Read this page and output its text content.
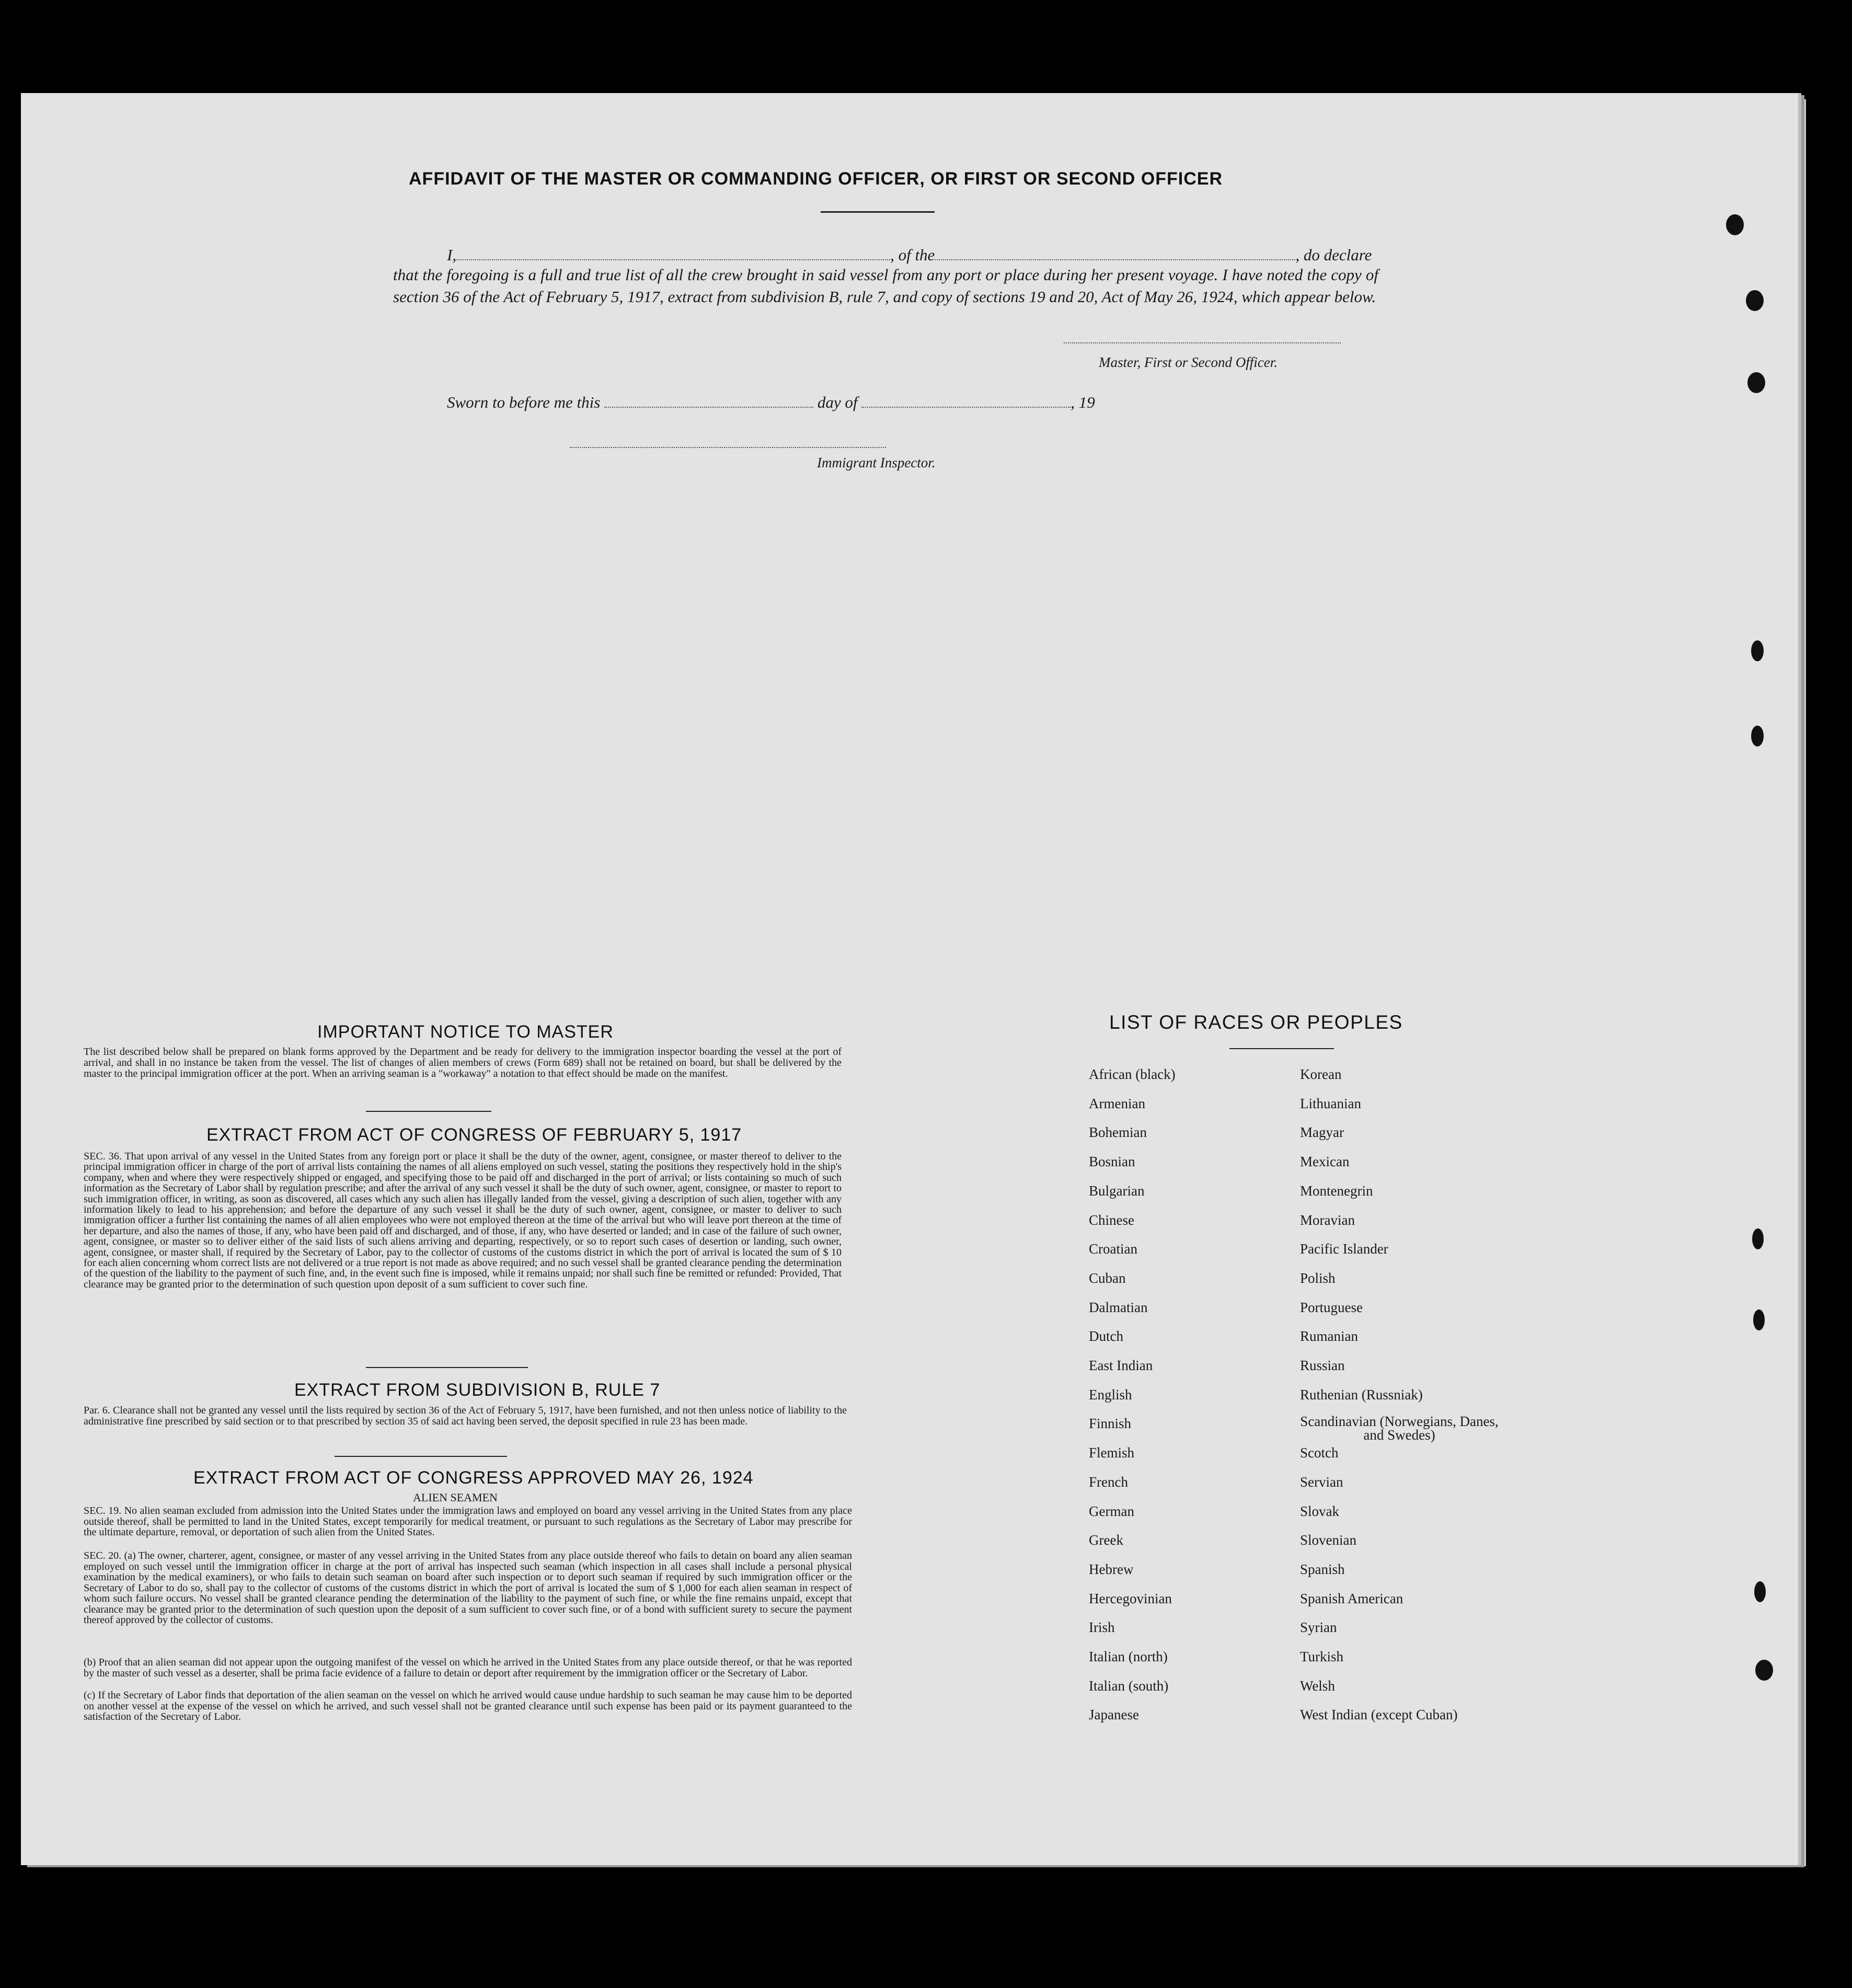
AFFIDAVIT OF THE MASTER OR COMMANDING OFFICER, OR FIRST OR SECOND OFFICER
I,	, of the	, do declare
that the foregoing is a full and true list of all the crew brought in said vessel from any port or place during her present voyage. I have noted the copy of section 36 of the Act of February 5, 1917, extract from subdivision B, rule 7, and copy of sections 19 and 20, Act of May 26, 1924, which appear below.
Master, First or Second Officer.
Sworn to before me this	day of	, 19
Immigrant Inspector.
IMPORTANT NOTICE TO MASTER
The list described below shall be prepared on blank forms approved by the Department and be ready for delivery to the immigration inspector boarding the vessel at the port of arrival, and shall in no instance be taken from the vessel. The list of changes of alien members of crews (Form 689) shall not be retained on board, but shall be delivered by the master to the principal immigration officer at the port. When an arriving seaman is a "workaway" a notation to that effect should be made on the manifest.
EXTRACT FROM ACT OF CONGRESS OF FEBRUARY 5, 1917
SEC. 36. That upon arrival of any vessel in the United States from any foreign port or place it shall be the duty of the owner, agent, consignee, or master thereof to deliver to the principal immigration officer in charge of the port of arrival lists containing the names of all aliens employed on such vessel, stating the positions they respectively hold in the ship's company, when and where they were respectively shipped or engaged, and specifying those to be paid off and discharged in the port of arrival; or lists containing so much of such information as the Secretary of Labor shall by regulation prescribe; and after the arrival of any such vessel it shall be the duty of such owner, agent, consignee, or master to report to such immigration officer, in writing, as soon as discovered, all cases which any such alien has illegally landed from the vessel, giving a description of such alien, together with any information likely to lead to his apprehension; and before the departure of any such vessel it shall be the duty of such owner, agent, consignee, or master to deliver to such immigration officer a further list containing the names of all alien employees who were not employed thereon at the time of the arrival but who will leave port thereon at the time of her departure, and also the names of those, if any, who have been paid off and discharged, and of those, if any, who have deserted or landed; and in case of the failure of such owner, agent, consignee, or master so to deliver either of the said lists of such aliens arriving and departing, respectively, or so to report such cases of desertion or landing, such owner, agent, consignee, or master shall, if required by the Secretary of Labor, pay to the collector of customs of the customs district in which the port of arrival is located the sum of $ 10 for each alien concerning whom correct lists are not delivered or a true report is not made as above required; and no such vessel shall be granted clearance pending the determination of the question of the liability to the payment of such fine, and, in the event such fine is imposed, while it remains unpaid; nor shall such fine be remitted or refunded: Provided, That clearance may be granted prior to the determination of such question upon deposit of a sum sufficient to cover such fine.
EXTRACT FROM SUBDIVISION B, RULE 7
Par. 6. Clearance shall not be granted any vessel until the lists required by section 36 of the Act of February 5, 1917, have been furnished, and not then unless notice of liability to the administrative fine prescribed by said section or to that prescribed by section 35 of said act having been served, the deposit specified in rule 23 has been made.
EXTRACT FROM ACT OF CONGRESS APPROVED MAY 26, 1924
ALIEN SEAMEN
SEC. 19. No alien seaman excluded from admission into the United States under the immigration laws and employed on board any vessel arriving in the United States from any place outside thereof, shall be permitted to land in the United States, except temporarily for medical treatment, or pursuant to such regulations as the Secretary of Labor may prescribe for the ultimate departure, removal, or deportation of such alien from the United States.
SEC. 20. (a) The owner, charterer, agent, consignee, or master of any vessel arriving in the United States from any place outside thereof who fails to detain on board any alien seaman employed on such vessel until the immigration officer in charge at the port of arrival has inspected such seaman (which inspection in all cases shall include a personal physical examination by the medical examiners), or who fails to detain such seaman on board after such inspection or to deport such seaman if required by such immigration officer or the Secretary of Labor to do so, shall pay to the collector of customs of the customs district in which the port of arrival is located the sum of $ 1,000 for each alien seaman in respect of whom such failure occurs. No vessel shall be granted clearance pending the determination of the liability to the payment of such fine, or while the fine remains unpaid, except that clearance may be granted prior to the determination of such question upon the deposit of a sum sufficient to cover such fine, or of a bond with sufficient surety to secure the payment thereof approved by the collector of customs.
(b) Proof that an alien seaman did not appear upon the outgoing manifest of the vessel on which he arrived in the United States from any place outside thereof, or that he was reported by the master of such vessel as a deserter, shall be prima facie evidence of a failure to detain or deport after requirement by the immigration officer or the Secretary of Labor.
(c) If the Secretary of Labor finds that deportation of the alien seaman on the vessel on which he arrived would cause undue hardship to such seaman he may cause him to be deported on another vessel at the expense of the vessel on which he arrived, and such vessel shall not be granted clearance until such expense has been paid or its payment guaranteed to the satisfaction of the Secretary of Labor.
LIST OF RACES OR PEOPLES
African (black)
Armenian
Bohemian
Bosnian
Bulgarian
Chinese
Croatian
Cuban
Dalmatian
Dutch
East Indian
English
Finnish
Flemish
French
German
Greek
Hebrew
Hercegovinian
Irish
Italian (north)
Italian (south)
Japanese
Korean
Lithuanian
Magyar
Mexican
Montenegrin
Moravian
Pacific Islander
Polish
Portuguese
Rumanian
Russian
Ruthenian (Russniak)
Scandinavian (Norwegians, Danes, and Swedes)
Scotch
Servian
Slovak
Slovenian
Spanish
Spanish American
Syrian
Turkish
Welsh
West Indian (except Cuban)
